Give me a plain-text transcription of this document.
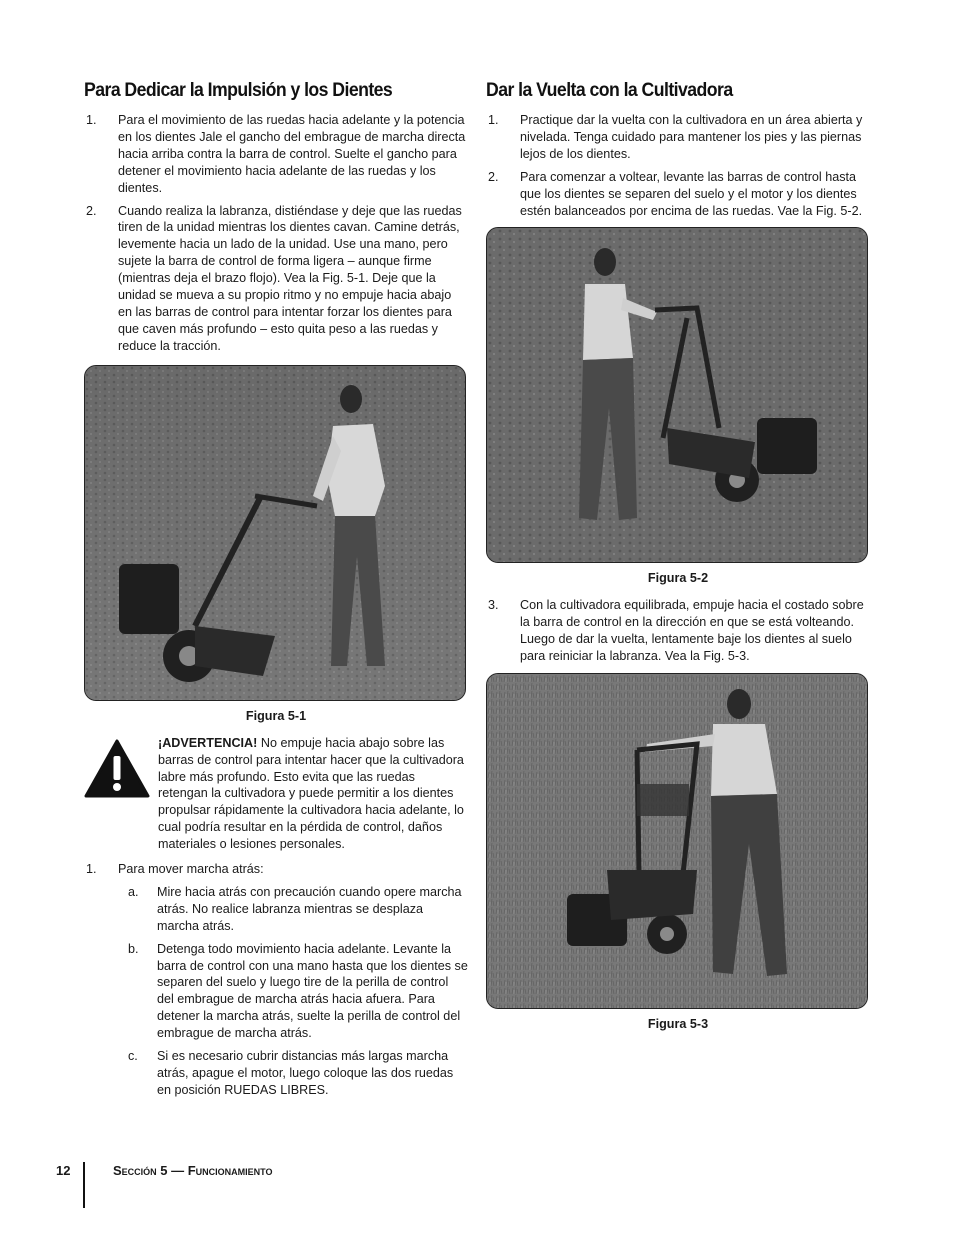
Para Dedicar la Impulsión y los Dientes
1. Para el movimiento de las ruedas hacia adelante y la potencia en los dientes Jale el gancho del embrague de marcha directa hacia arriba contra la barra de control. Suelte el gancho para detener el movimiento hacia adelante de las ruedas y los dientes.
2. Cuando realiza la labranza, distiéndase y deje que las ruedas tiren de la unidad mientras los dientes cavan. Camine detrás, levemente hacia un lado de la unidad. Use una mano, pero sujete la barra de control de forma ligera – aunque firme (mientras deja el brazo flojo). Vea la Fig. 5-1. Deje que la unidad se mueva a su propio ritmo y no empuje hacia abajo en las barras de control para intentar forzar los dientes para que caven más profundo – esto quita peso a las ruedas y reduce la tracción.
Figura 5-1
¡ADVERTENCIA! No empuje hacia abajo sobre las barras de control para intentar hacer que la cultivadora labre más profundo. Esto evita que las ruedas retengan la cultivadora y puede permitir a los dientes propulsar rápidamente la cultivadora hacia adelante, lo cual podría resultar en la pérdida de control, daños materiales o lesiones personales.
1. Para mover marcha atrás:
a. Mire hacia atrás con precaución cuando opere marcha atrás. No realice labranza mientras se desplaza marcha atrás.
b. Detenga todo movimiento hacia adelante. Levante la barra de control con una mano hasta que los dientes se separen del suelo y luego tire de la perilla de control del embrague de marcha atrás hacia afuera. Para detener la marcha atrás, suelte la perilla de control del embrague de marcha atrás.
c. Si es necesario cubrir distancias más largas marcha atrás, apague el motor, luego coloque las dos ruedas en posición RUEDAS LIBRES.
Dar la Vuelta con la Cultivadora
1. Practique dar la vuelta con la cultivadora en un área abierta y nivelada. Tenga cuidado para mantener los pies y las piernas lejos de los dientes.
2. Para comenzar a voltear, levante las barras de control hasta que los dientes se separen del suelo y el motor y los dientes estén balanceados por encima de las ruedas. Vae la Fig. 5-2.
Figura 5-2
3. Con la cultivadora equilibrada, empuje hacia el costado sobre la barra de control en la dirección en que se está volteando. Luego de dar la vuelta, lentamente baje los dientes al suelo para reiniciar la labranza. Vea la Fig. 5-3.
Figura 5-3
12	Sección 5 — Funcionamiento
